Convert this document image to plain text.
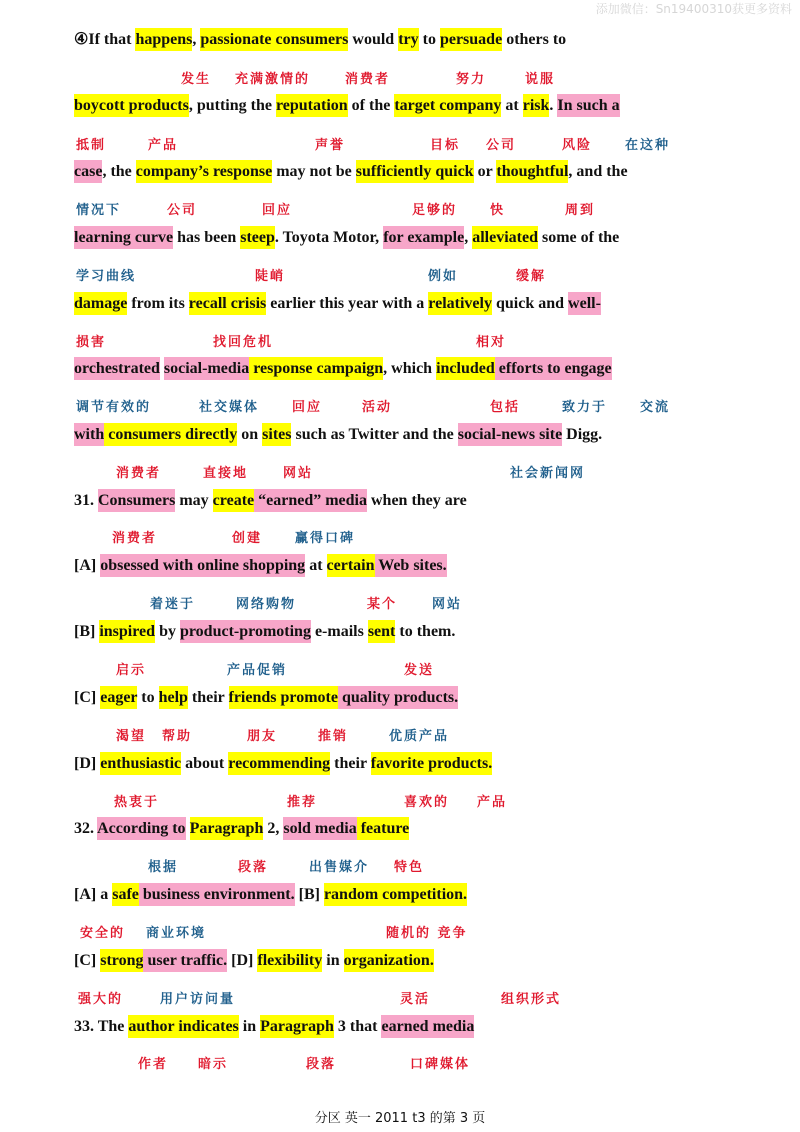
添加微信：Sn19400310获更多资料
④If that happens, passionate consumers would try to persuade others to
boycott products, putting the reputation of the target company at risk. In such a
case, the company’s response may not be sufficiently quick or thoughtful, and the
learning curve has been steep. Toyota Motor, for example, alleviated some of the
damage from its recall crisis earlier this year with a relatively quick and well-
orchestrated social-media response campaign, which included efforts to engage
with consumers directly on sites such as Twitter and the social-news site Digg.
31. Consumers may create “earned” media when they are
[A] obsessed with online shopping at certain Web sites.
[B] inspired by product-promoting e-mails sent to them.
[C] eager to help their friends promote quality products.
[D] enthusiastic about recommending their favorite products.
32. According to Paragraph 2, sold media feature
[A] a safe business environment. [B] random competition.
[C] strong user traffic. [D] flexibility in organization.
33. The author indicates in Paragraph 3 that earned media
发生 充满激情的	消费者	努力	说服
抵制	产品	声誉	目标 公司	风险	在这种
情况下	公司	回应	足够的	快	周到
学习曲线	陡峭	例如	缓解
损害	找回危机	相对
调节有效的	社交媒体	回应	活动	包括	致力于	交流
消费者	直接地	网站	社会新闻网
消费者	创建	赢得口碑
着迷于	网络购物	某个	网站
启示	产品促销	发送
渴望 帮助	朋友	推销	优质产品
热衷于	推荐	喜欢的 产品
根据	段落	出售媒介 特色
安全的 商业环境	随机的 竞争
强大的	用户访问量	灵活	组织形式
作者 暗示	段落	口碑媒体
分区 英一 2011 t3 的第 3 页
